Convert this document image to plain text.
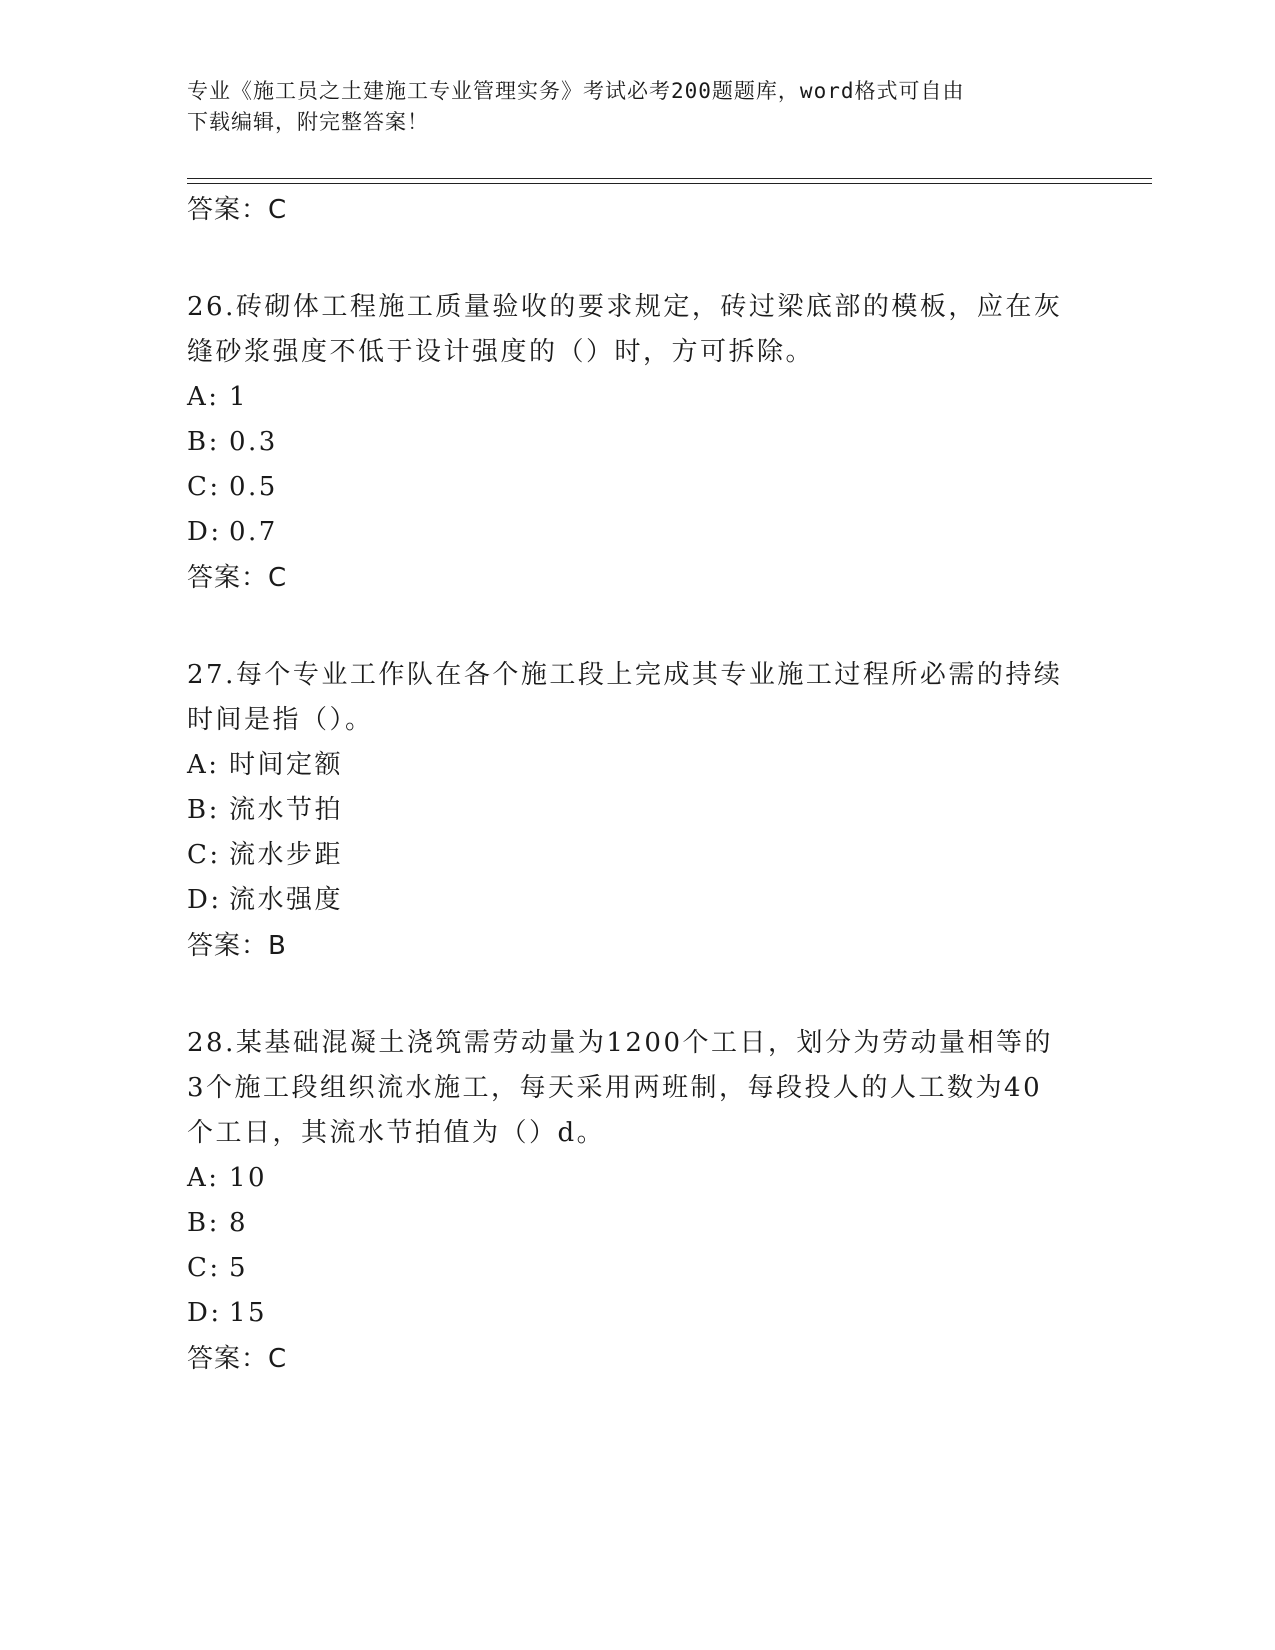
专业《施工员之土建施工专业管理实务》考试必考200题题库，word格式可自由
下载编辑，附完整答案！
答案：C
26.砖砌体工程施工质量验收的要求规定，砖过梁底部的模板，应在灰
缝砂浆强度不低于设计强度的（）时，方可拆除。
A: 1
B: 0.3
C: 0.5
D: 0.7
答案：C
27.每个专业工作队在各个施工段上完成其专业施工过程所必需的持续
时间是指（）。
A: 时间定额
B: 流水节拍
C: 流水步距
D: 流水强度
答案：B
28.某基础混凝土浇筑需劳动量为1200个工日，划分为劳动量相等的
3个施工段组织流水施工，每天采用两班制，每段投人的人工数为40
个工日，其流水节拍值为（）d。
A: 10
B: 8
C: 5
D: 15
答案：C
